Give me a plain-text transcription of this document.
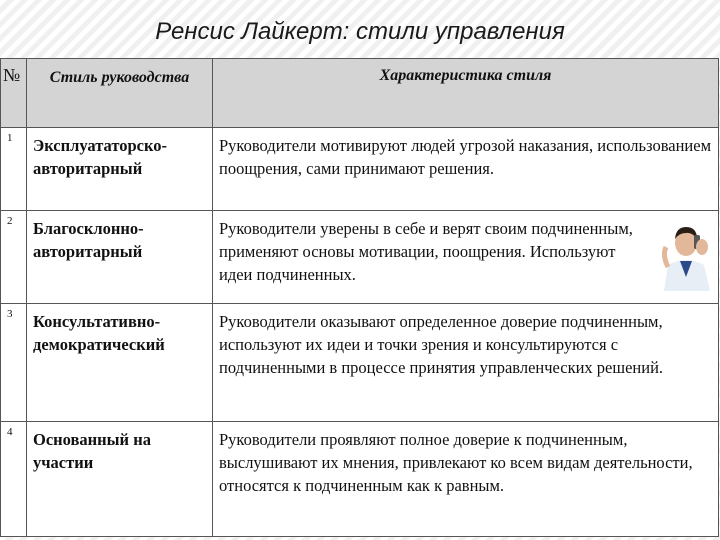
Ренсис Лайкерт: стили управления
№	Стиль руководства	Характеристика стиля
1	Эксплуататорско-авторитарный	Руководители мотивируют людей угрозой наказания, использованием поощрения, сами принимают решения.
2	Благосклонно-авторитарный	Руководители уверены в себе и верят своим подчиненным, применяют основы мотивации, поощрения. Используют идеи подчиненных.

3	Консультативно-демократический	Руководители оказывают определенное доверие подчиненным, используют их идеи и точки зрения и консультируются с подчиненными в процессе принятия управленческих решений.
4	Основанный на участии	Руководители проявляют полное доверие к подчиненным, выслушивают их мнения, привлекают ко всем видам деятельности, относятся к подчиненным как к равным.
